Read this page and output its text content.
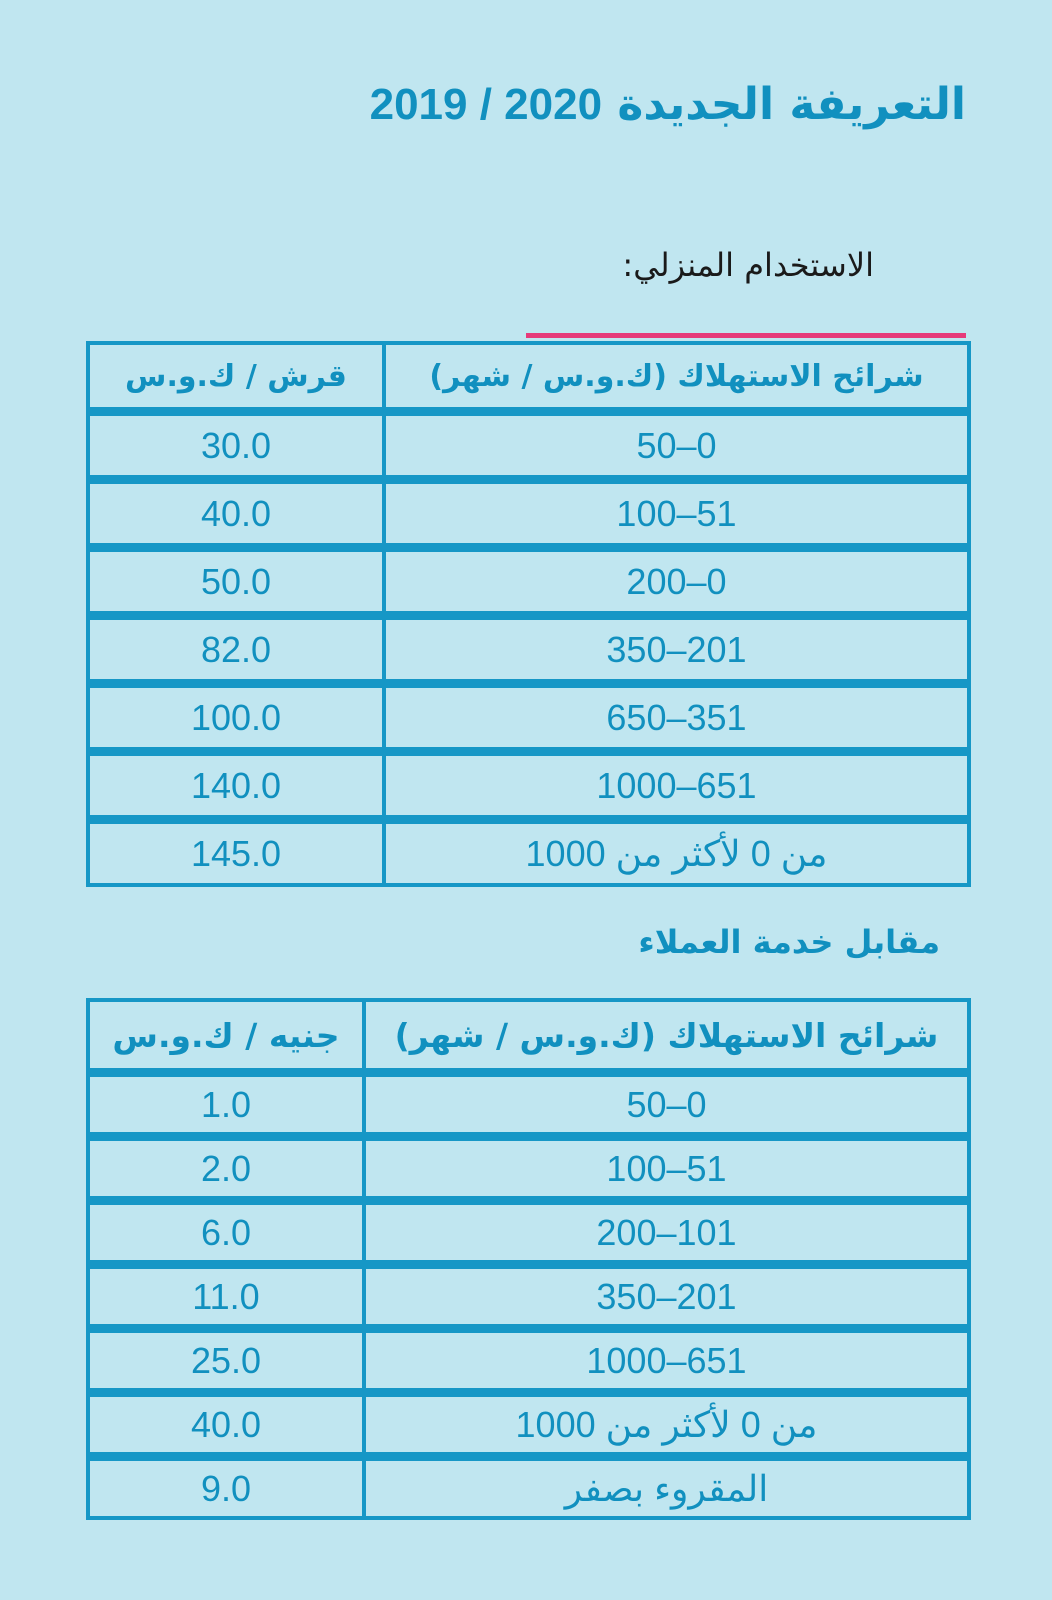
التعريفة الجديدة 2019 / 2020
الاستخدام المنزلي:
شرائح الاستهلاك (ك.و.س / شهر)	قرش / ك.و.س
0–50	30.0
51–100	40.0
0–200	50.0
201–350	82.0
351–650	100.0
651–1000	140.0
من 0 لأكثر من 1000	145.0
مقابل خدمة العملاء
شرائح الاستهلاك (ك.و.س / شهر)	جنيه / ك.و.س
0–50	1.0
51–100	2.0
101–200	6.0
201–350	11.0
651–1000	25.0
من 0 لأكثر من 1000	40.0
المقروء بصفر	9.0
